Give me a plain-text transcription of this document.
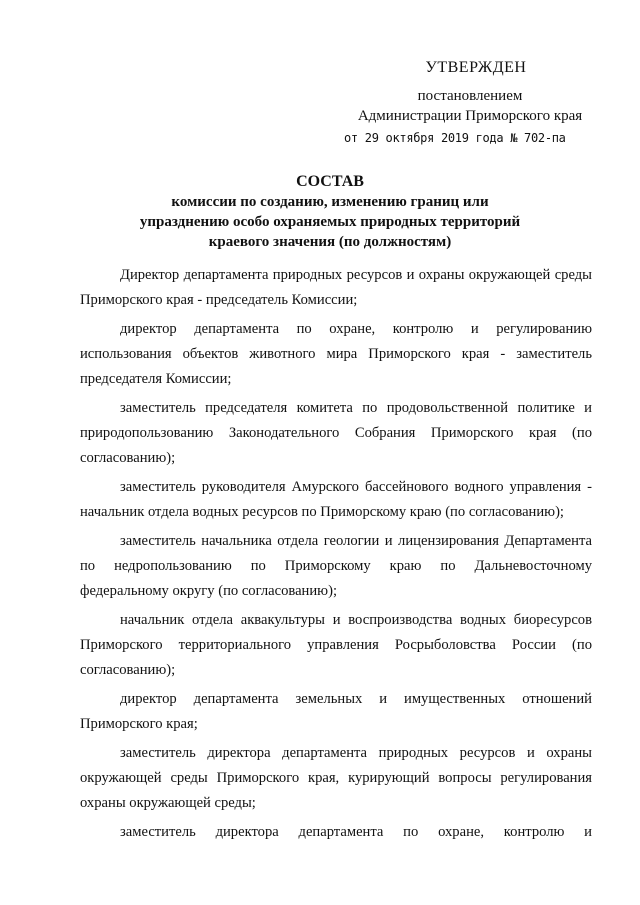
УТВЕРЖДЕН
постановлением
Администрации Приморского края
от 29 октября 2019 года № 702-па
СОСТАВ
комиссии по созданию, изменению границ или
упразднению особо охраняемых природных территорий
краевого значения (по должностям)

Директор департамента природных ресурсов и охраны окружающей среды Приморского края - председатель Комиссии;

директор департамента по охране, контролю и регулированию использования объектов животного мира Приморского края - заместитель председателя Комиссии;

заместитель председателя комитета по продовольственной политике и природопользованию Законодательного Собрания Приморского края (по согласованию);

заместитель руководителя Амурского бассейнового водного управления - начальник отдела водных ресурсов по Приморскому краю (по согласованию);

заместитель начальника отдела геологии и лицензирования Департамента по недропользованию по Приморскому краю по Дальневосточному федеральному округу (по согласованию);

начальник отдела аквакультуры и воспроизводства водных биоресурсов Приморского территориального управления Росрыболовства России (по согласованию);

директор департамента земельных и имущественных отношений Приморского края;

заместитель директора департамента природных ресурсов и охраны окружающей среды Приморского края, курирующий вопросы регулирования охраны окружающей среды;

заместитель директора департамента по охране, контролю и
